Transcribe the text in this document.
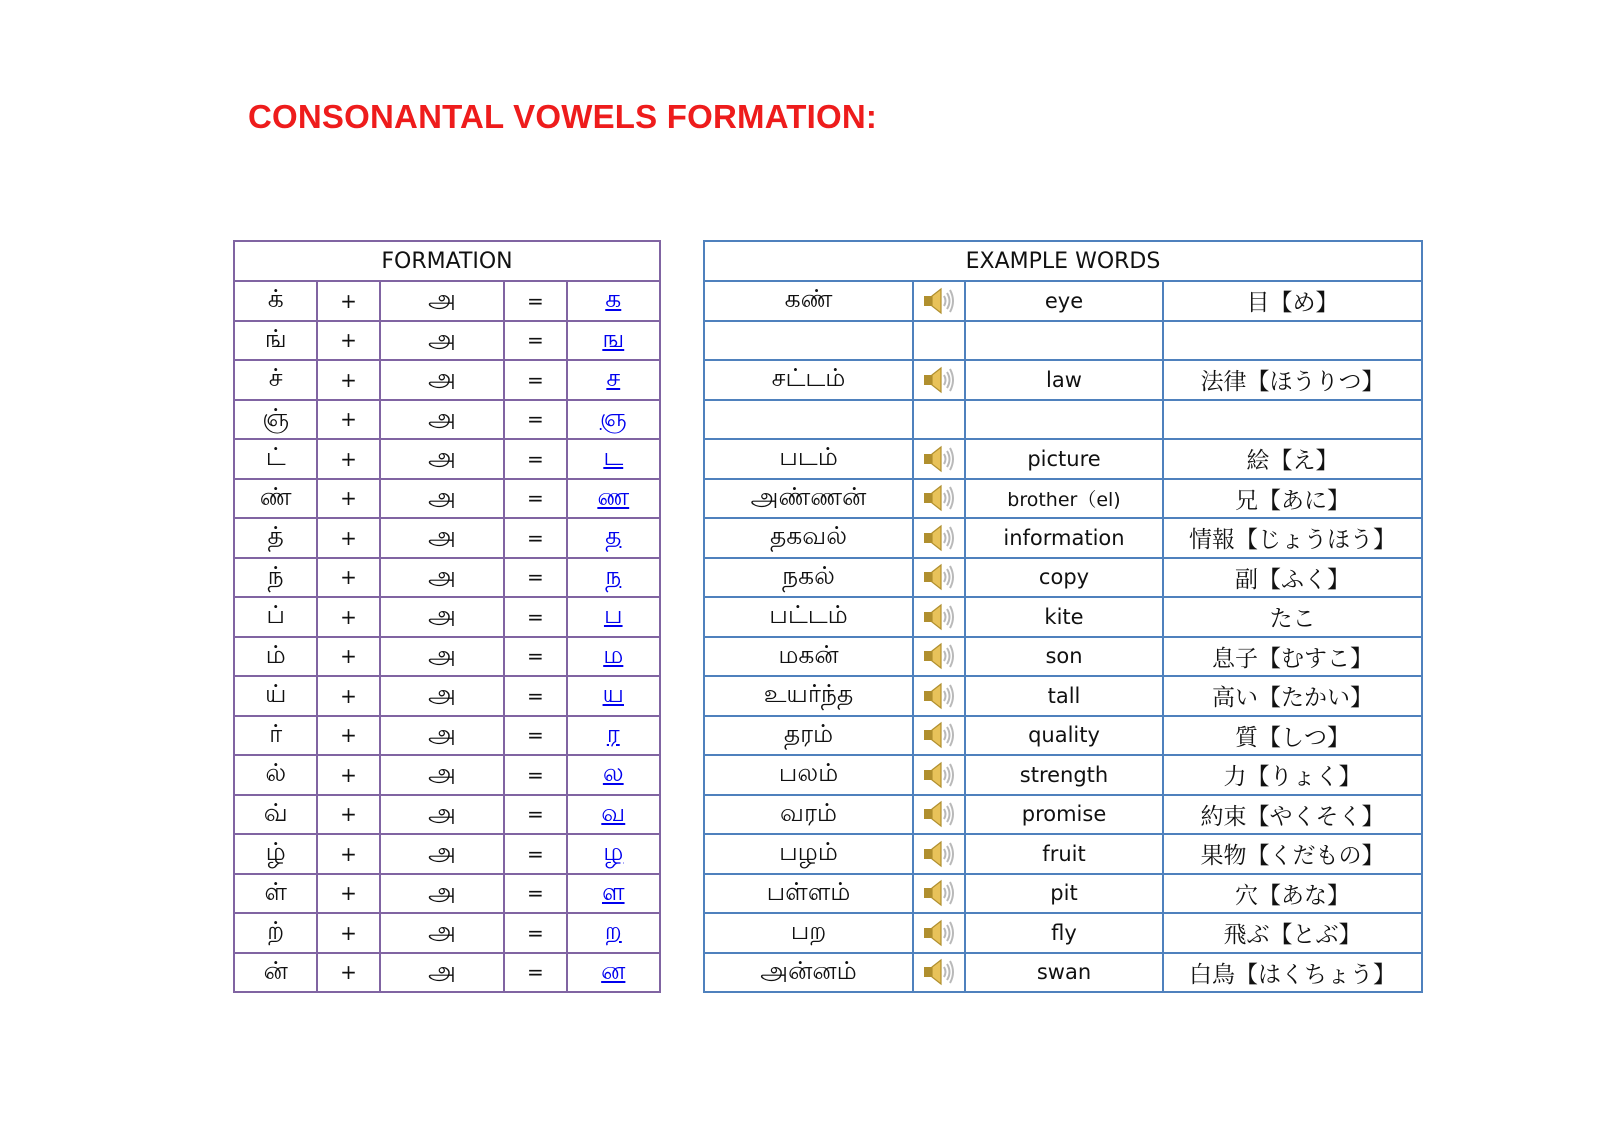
CONSONANTAL VOWELS FORMATION:
FORMATION				
க்	+	அ	=	க
ங்	+	அ	=	ங
ச்	+	அ	=	ச
ஞ்	+	அ	=	ஞ
ட்	+	அ	=	ட
ண்	+	அ	=	ண
த்	+	அ	=	த
ந்	+	அ	=	ந
ப்	+	அ	=	ப
ம்	+	அ	=	ம
ய்	+	அ	=	ய
ர்	+	அ	=	ர
ல்	+	அ	=	ல
வ்	+	அ	=	வ
ழ்	+	அ	=	ழ
ள்	+	அ	=	ள
ற்	+	அ	=	ற
ன்	+	அ	=	ன
EXAMPLE WORDS			
கண்		eye	目【め】

சட்டம்		law	法律【ほうりつ】

படம்		picture	絵【え】
அண்ணன்		brother（el)	兄【あに】
தகவல்		information	情報【じょうほう】
நகல்		copy	副【ふく】
பட்டம்		kite	たこ
மகன்		son	息子【むすこ】
உயர்ந்த		tall	高い【たかい】
தரம்		quality	質【しつ】
பலம்		strength	力【りょく】
வரம்		promise	約束【やくそく】
பழம்		fruit	果物【くだもの】
பள்ளம்		pit	穴【あな】
பற		fly	飛ぶ【とぶ】
அன்னம்		swan	白鳥【はくちょう】
